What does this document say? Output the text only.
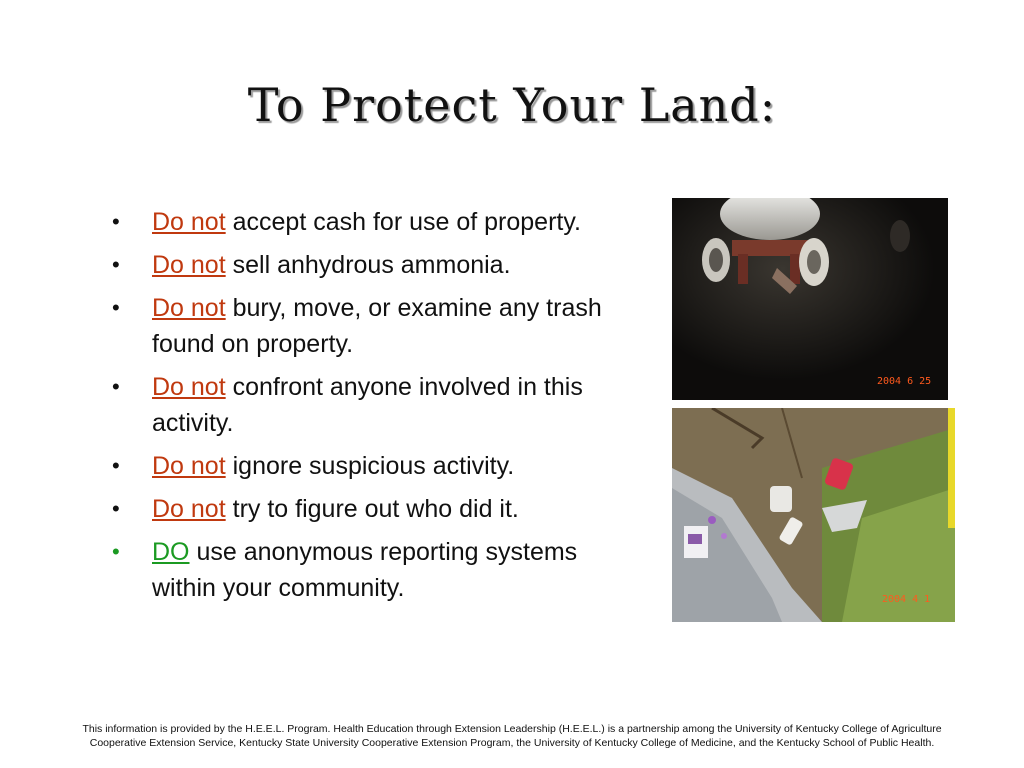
To Protect Your Land:
•	Do not accept cash for use of property.
•	Do not sell anhydrous ammonia.
•	Do not bury, move, or examine any trash found on property.
•	Do not confront anyone involved in this activity.
•	Do not ignore suspicious activity.
•	Do not try to figure out who did it.
•	DO use anonymous reporting systems within your community.
2004 6 25
2004 4 1
This information is provided by the H.E.E.L. Program. Health Education through Extension Leadership (H.E.E.L.) is a partnership among the University of Kentucky College of Agriculture
Cooperative Extension Service, Kentucky State University Cooperative Extension Program, the University of Kentucky College of Medicine, and the Kentucky School of Public Health.
